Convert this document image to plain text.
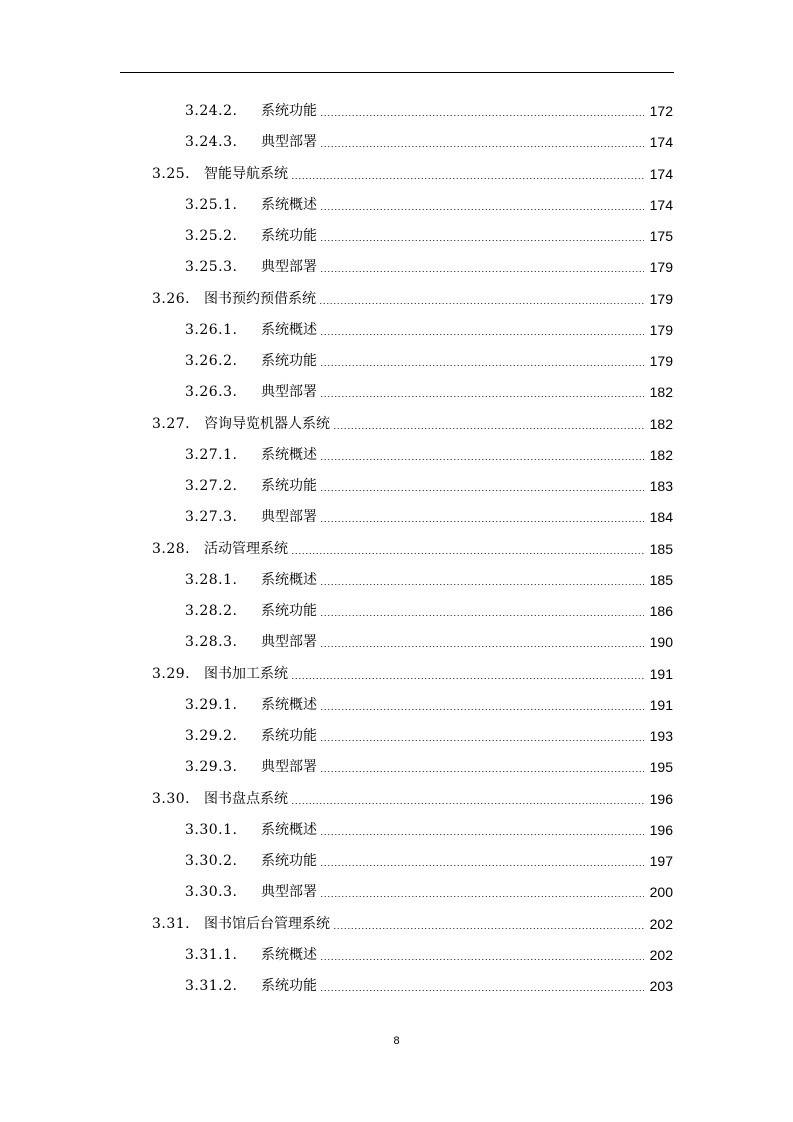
3.24.2.	系统功能	172
3.24.3.	典型部署	174
3.25. 智能导航系统	174
3.25.1.	系统概述	174
3.25.2.	系统功能	175
3.25.3.	典型部署	179
3.26. 图书预约预借系统	179
3.26.1.	系统概述	179
3.26.2.	系统功能	179
3.26.3.	典型部署	182
3.27. 咨询导览机器人系统	182
3.27.1.	系统概述	182
3.27.2.	系统功能	183
3.27.3.	典型部署	184
3.28. 活动管理系统	185
3.28.1.	系统概述	185
3.28.2.	系统功能	186
3.28.3.	典型部署	190
3.29. 图书加工系统	191
3.29.1.	系统概述	191
3.29.2.	系统功能	193
3.29.3.	典型部署	195
3.30. 图书盘点系统	196
3.30.1.	系统概述	196
3.30.2.	系统功能	197
3.30.3.	典型部署	200
3.31. 图书馆后台管理系统	202
3.31.1.	系统概述	202
3.31.2.	系统功能	203
8
